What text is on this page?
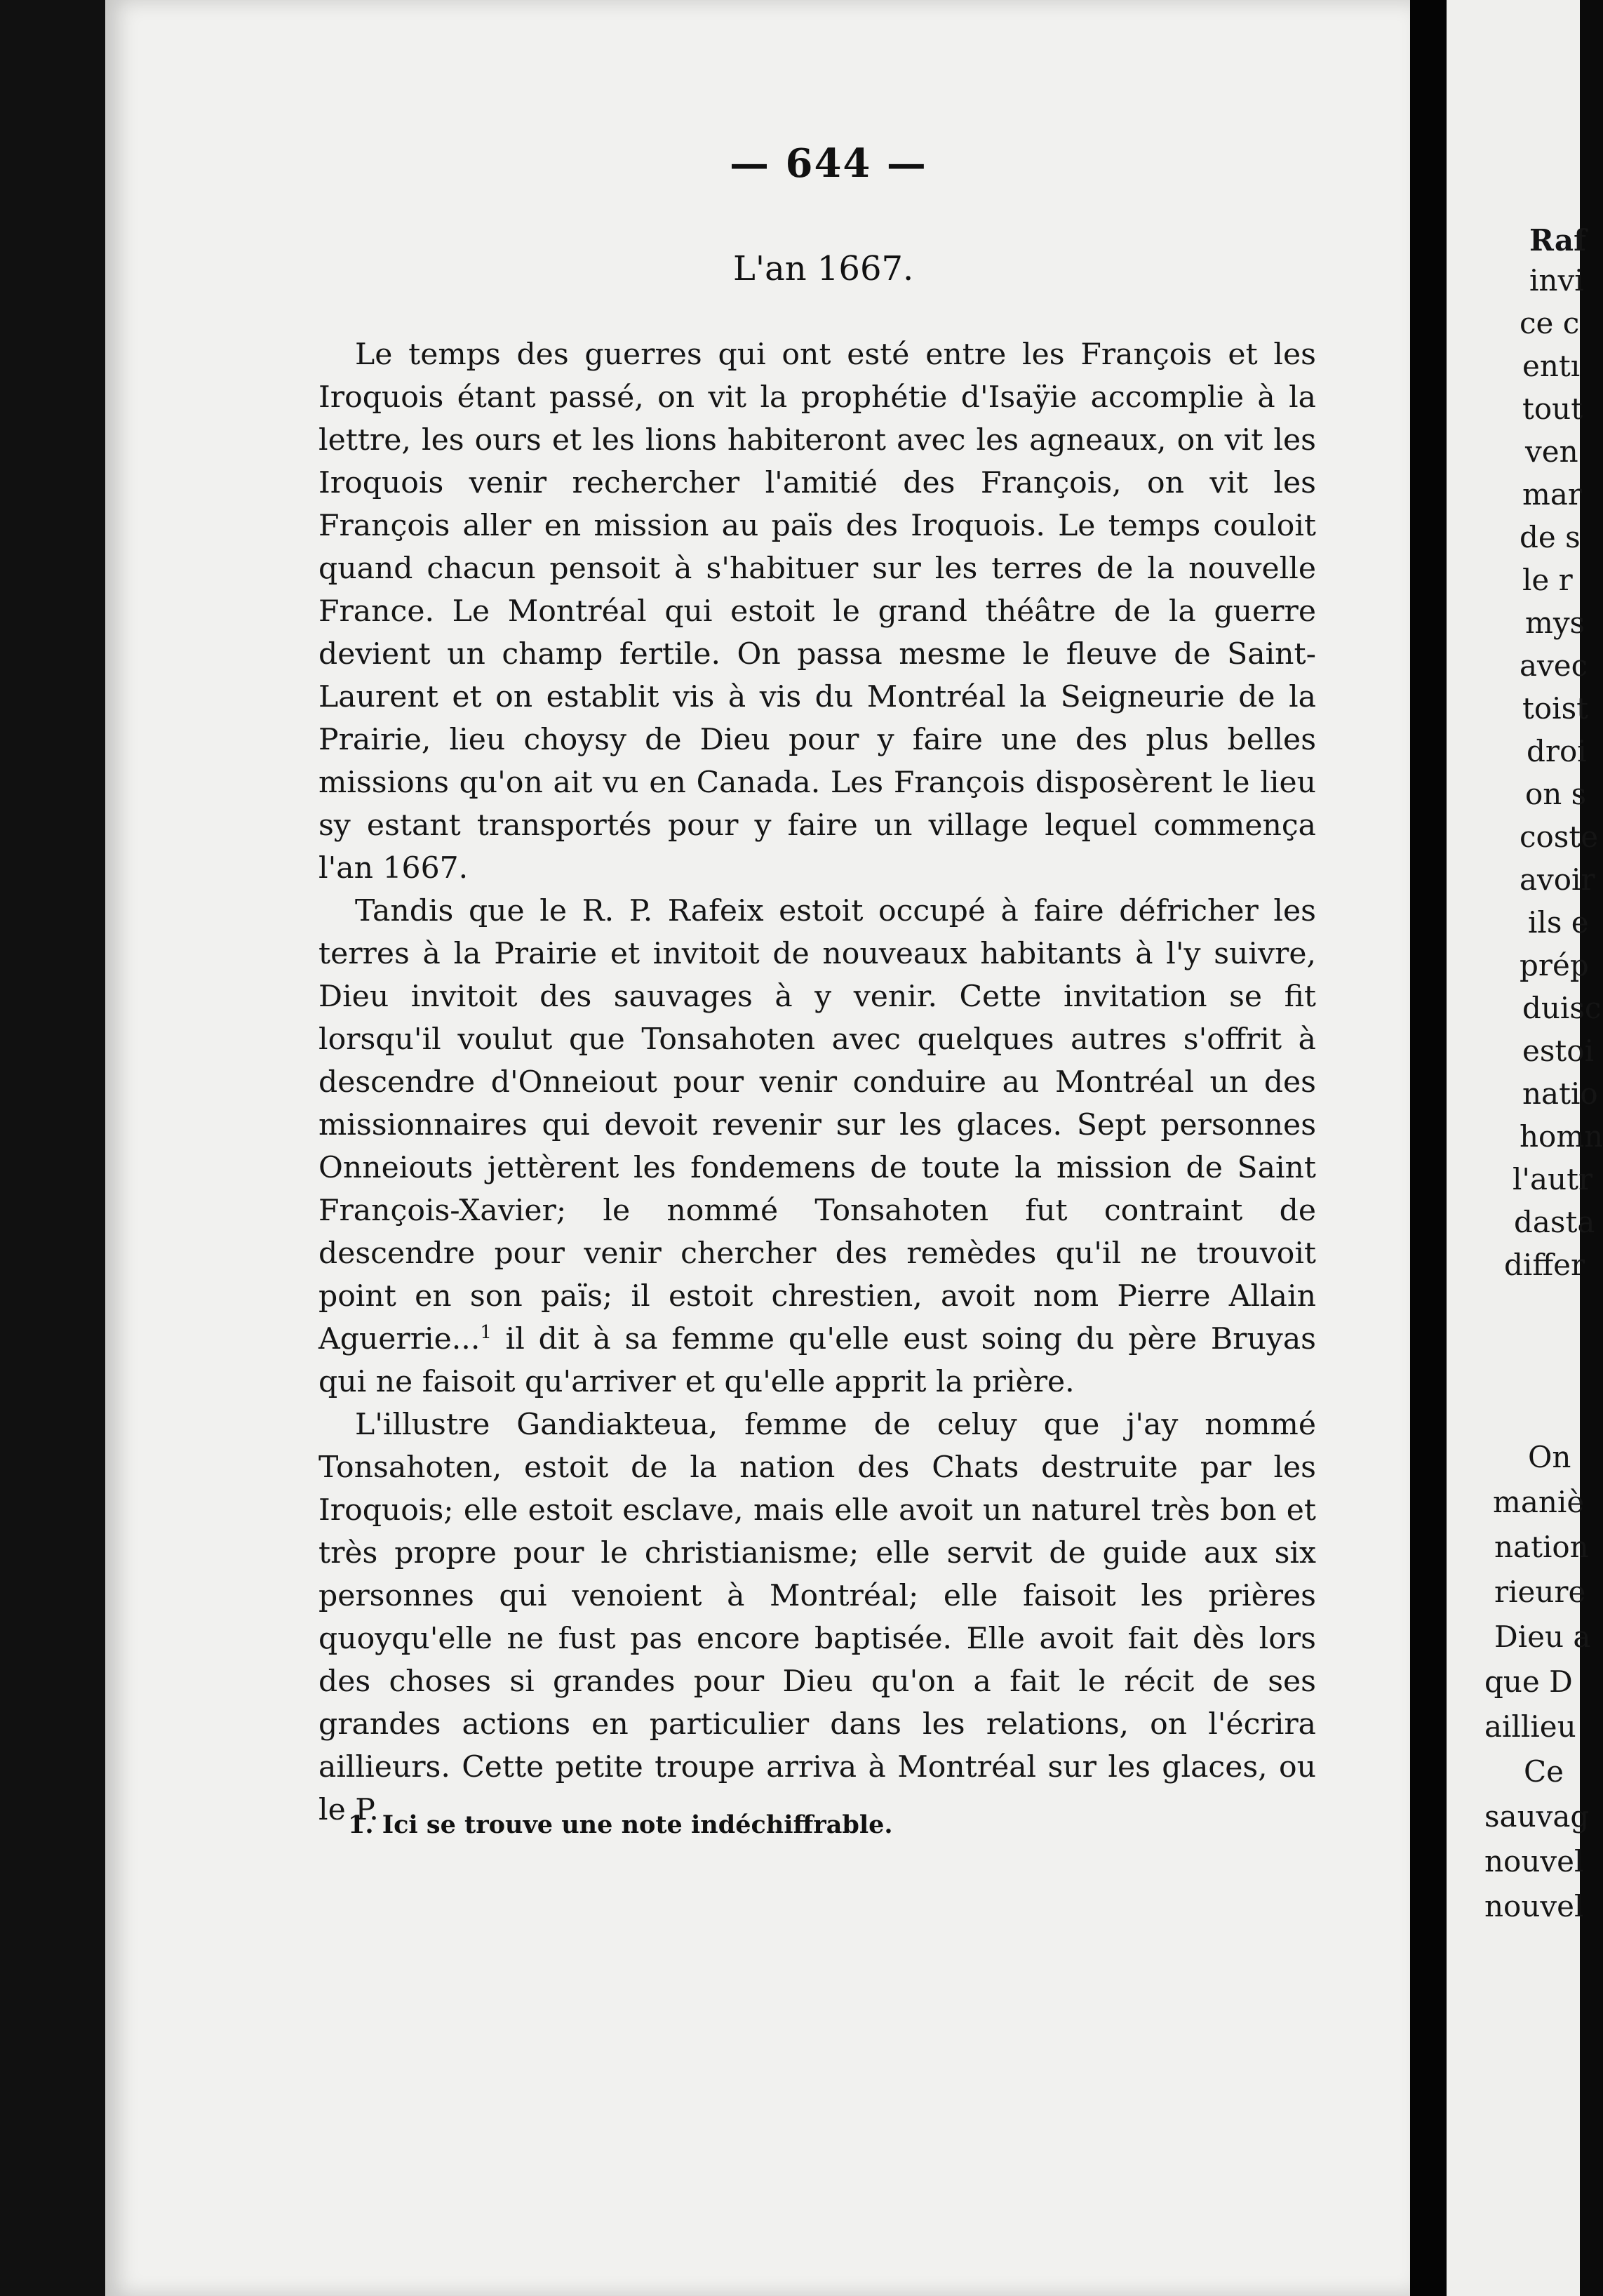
— 644 —
L'an 1667.

Le temps des guerres qui ont esté entre les François et les Iroquois étant passé, on vit la prophétie d'Isaÿie accomplie à la lettre, les ours et les lions habiteront avec les agneaux, on vit les Iroquois venir rechercher l'amitié des François, on vit les François aller en mission au païs des Iroquois. Le temps couloit quand chacun pensoit à s'habituer sur les terres de la nouvelle France. Le Montréal qui estoit le grand théâtre de la guerre devient un champ fertile. On passa mesme le fleuve de Saint-Laurent et on establit vis à vis du Montréal la Seigneurie de la Prairie, lieu choysy de Dieu pour y faire une des plus belles missions qu'on ait vu en Canada. Les François disposèrent le lieu sy estant transportés pour y faire un village lequel commença l'an 1667.

Tandis que le R. P. Rafeix estoit occupé à faire défricher les terres à la Prairie et invitoit de nouveaux habitants à l'y suivre, Dieu invitoit des sauvages à y venir. Cette invitation se fit lorsqu'il voulut que Tonsahoten avec quelques autres s'offrit à descendre d'Onneiout pour venir conduire au Montréal un des missionnaires qui devoit revenir sur les glaces. Sept personnes Onneiouts jettèrent les fondemens de toute la mission de Saint François-Xavier; le nommé Tonsahoten fut contraint de descendre pour venir chercher des remèdes qu'il ne trouvoit point en son païs; il estoit chrestien, avoit nom Pierre Allain Aguerrie...$^1$ il dit à sa femme qu'elle eust soing du père Bruyas qui ne faisoit qu'arriver et qu'elle apprit la prière.

L'illustre Gandiakteua, femme de celuy que j'ay nommé Tonsahoten, estoit de la nation des Chats destruite par les Iroquois; elle estoit esclave, mais elle avoit un naturel très bon et très propre pour le christianisme; elle servit de guide aux six personnes qui venoient à Montréal; elle faisoit les prières quoyqu'elle ne fust pas encore baptisée. Elle avoit fait dès lors des choses si grandes pour Dieu qu'on a fait le récit de ses grandes actions en particulier dans les relations, on l'écrira aillieurs. Cette petite troupe arriva à Montréal sur les glaces, ou le P.

1. Ici se trouve une note indéchiffrable.
Raf
invi
ce c
entı
tout
ven
mar
de s
le r
mys
avec
toist
droi
on s
coste
avoir
ils e
prép
duisc
estoi
natio
homn
l'autr
dasta
differ
On
maniè
nation
rieure
Dieu a
que D
aillieu
Ce
sauvag
nouvel
nouvel
